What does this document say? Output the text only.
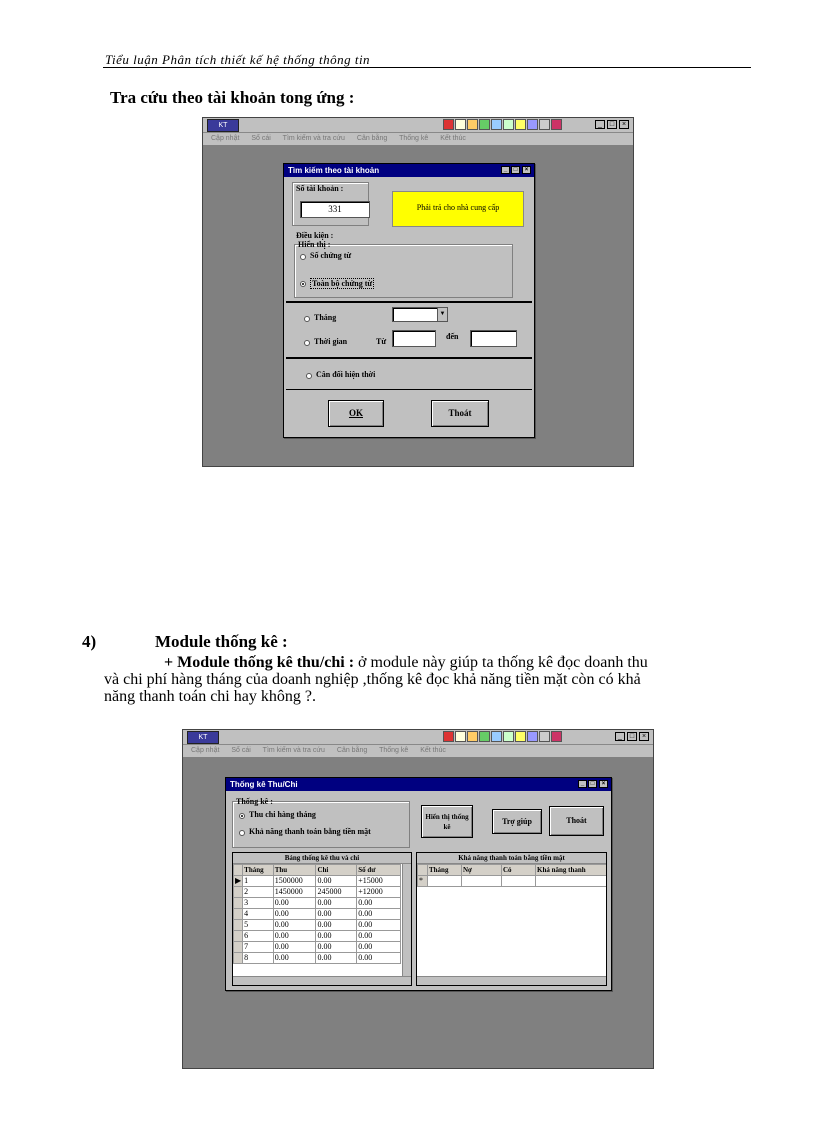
Tiểu luận Phân tích thiết kế hệ thống thông tin
Tra cứu theo tài khoản tong ứng :
KT	_	□	×
Cập nhật Sổ cái Tìm kiếm và tra cứu Cân bằng Thống kê Kết thúc
Tìm kiếm theo tài khoản	_	□	×
Số tài khoản :
331	Phải trả cho nhà cung cấp
Điều kiện :
Hiển thị :
Số chứng từ
Toàn bộ chứng từ
Tháng	▼
Thời gian	Từ
đến
Cân đối hiện thời
OK	Thoát
4)	Module thống kê :
+ Module thống kê thu/chi : ở module này giúp ta thống kê đọc doanh thu
và chi phí hàng tháng của doanh nghiệp ,thống kê đọc khả năng tiền mặt còn có khả
năng thanh toán chi hay không ?.
KT	_	□	×
Cập nhật Sổ cái Tìm kiếm và tra cứu Cân bằng Thống kê Kết thúc
Thống kê Thu/Chi	_	□	×
Thống kê :
Thu chi hàng tháng
Khả năng thanh toán bằng tiền mặt
Hiển thị thống kê
Trợ giúp	Thoát
Bảng thống kê thu và chi
	Tháng	Thu	Chi	Số dư
▶	1	1500000	0.00	+15000
	2	1450000	245000	+12000
	3	0.00	0.00	0.00
	4	0.00	0.00	0.00
	5	0.00	0.00	0.00
	6	0.00	0.00	0.00
	7	0.00	0.00	0.00
	8	0.00	0.00	0.00
Khả năng thanh toán bằng tiền mặt
	Tháng	Nợ	Có	Khả năng thanh
*				
